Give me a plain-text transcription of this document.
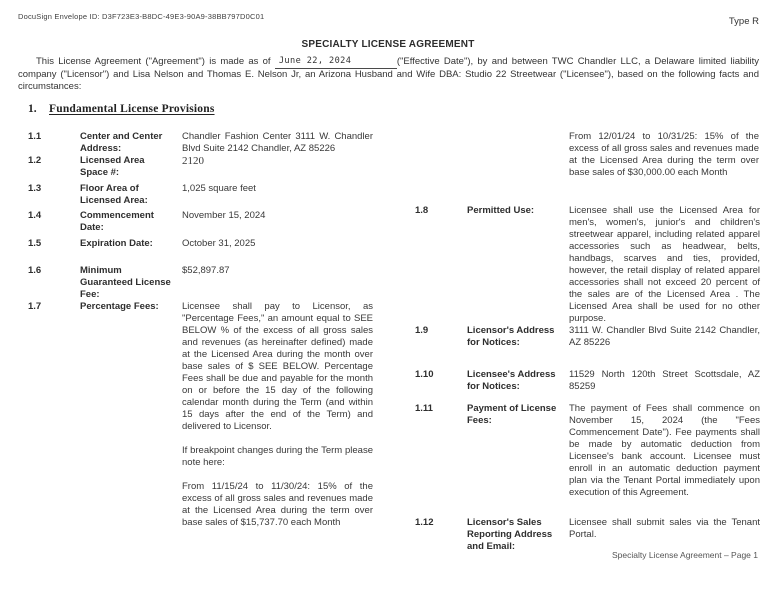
DocuSign Envelope ID: D3F723E3-B8DC-49E3-90A9-38BB797D0C01	Type R
SPECIALTY LICENSE AGREEMENT

This License Agreement ("Agreement") is made as of June 22, 2024	("Effective Date"), by and between TWC Chandler LLC, a Delaware limited liability company ("Licensor") and Lisa Nelson and Thomas E. Nelson Jr, an Arizona Husband and Wife DBA: Studio 22 Streetwear ("Licensee"), based on the following facts and circumstances:

1. Fundamental License Provisions
1.1	Center and Center Address:
Chandler Fashion Center 3111 W. Chandler Blvd Suite 2142 Chandler, AZ 85226
1.2	Licensed Area Space #:
2120
1.3	Floor Area of Licensed Area:
1,025 square feet
1.4	Commencement Date:
November 15, 2024
1.5	Expiration Date:	October 31, 2025
1.6	Minimum Guaranteed License Fee:
$52,897.87
1.7	Percentage Fees:	Licensee shall pay to Licensor, as "Percentage Fees," an amount equal to SEE BELOW % of the excess of all gross sales and revenues (as hereinafter defined) made at the Licensed Area during the month over base sales of $ SEE BELOW. Percentage Fees shall be due and payable for the month on or before the 15 day of the following calendar month during the Term (and within 15 days after the end of the Term) and delivered to Licensor.

If breakpoint changes during the Term please note here:

From 11/15/24 to 11/30/24: 15% of the excess of all gross sales and revenues made at the Licensed Area during the term over base sales of $15,737.70 each Month

From 12/01/24 to 10/31/25: 15% of the excess of all gross sales and revenues made at the Licensed Area during the term over base sales of $30,000.00 each Month
1.8	Permitted Use:	Licensee shall use the Licensed Area for men's, women's, junior's and children's streetwear apparel, including related apparel accessories such as headwear, belts, handbags, scarves and ties, provided, however, the retail display of related apparel accessories shall not exceed 20 percent of the sales are of the Licensed Area . The Licensed Area shall be used for no other purpose.
1.9	Licensor's Address for Notices:
3111 W. Chandler Blvd Suite 2142 Chandler, AZ 85226
1.10	Licensee's Address for Notices:
11529 North 120th Street Scottsdale, AZ 85259
1.11	Payment of License Fees:
The payment of Fees shall commence on November 15, 2024 (the "Fees Commencement Date"). Fee payments shall be made by automatic deduction from Licensee's bank account. Licensee must enroll in an automatic deduction payment plan via the Tenant Portal immediately upon execution of this Agreement.
1.12	Licensor's Sales Reporting Address and Email:
Licensee shall submit sales via the Tenant Portal.
Specialty License Agreement – Page 1
